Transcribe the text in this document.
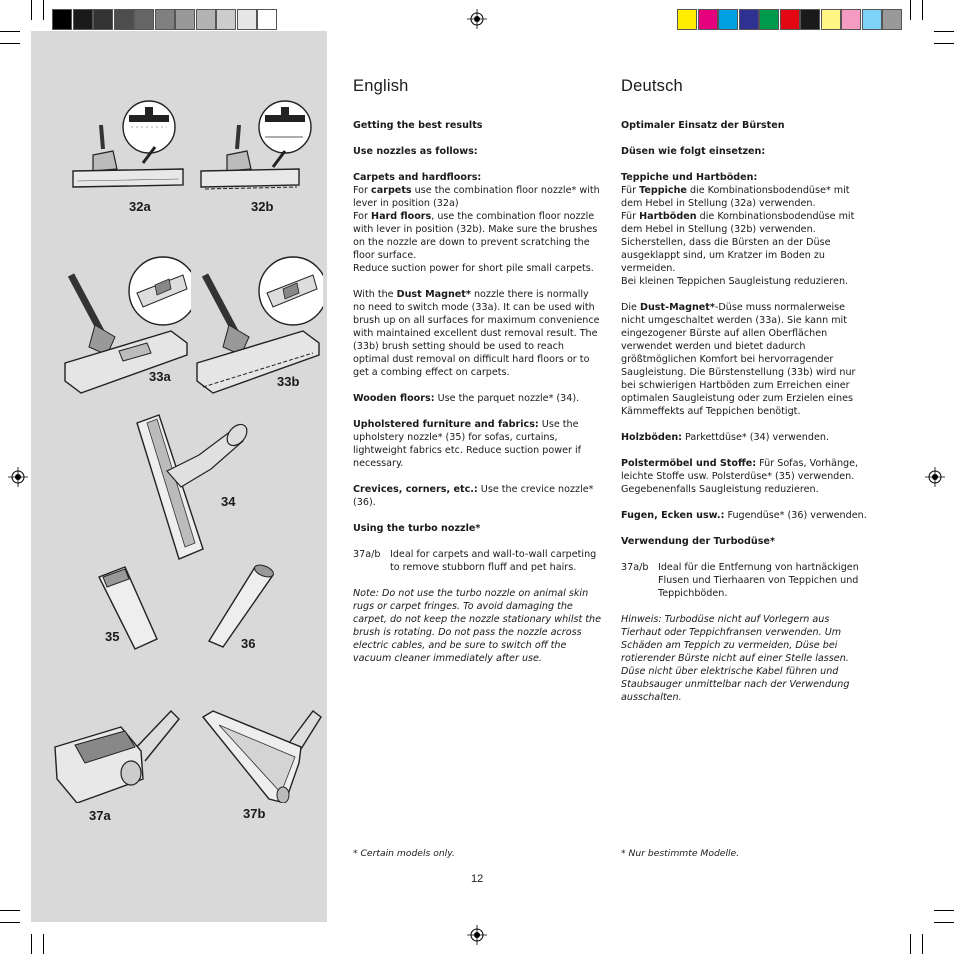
32a	32b
33a	33b
34
35	36
37a	37b
English

Getting the best results

Use nozzles as follows:

Carpets and hardfloors:
For carpets use the combination floor nozzle* with lever in position (32a)
For Hard floors, use the combination floor nozzle with lever in position (32b). Make sure the brushes on the nozzle are down to prevent scratching the floor surface.
Reduce suction power for short pile small carpets.

With the Dust Magnet* nozzle there is normally no need to switch mode (33a). It can be used with brush up on all surfaces for maximum convenience with maintained excellent dust removal result. The (33b) brush setting should be used to reach optimal dust removal on difficult hard floors or to get a combing effect on carpets.

Wooden floors: Use the parquet nozzle* (34).

Upholstered furniture and fabrics: Use the upholstery nozzle* (35) for sofas, curtains, lightweight fabrics etc. Reduce suction power if necessary.

Crevices, corners, etc.: Use the crevice nozzle* (36).

Using the turbo nozzle*

37a/b Ideal for carpets and wall-to-wall carpeting to remove stubborn fluff and pet hairs.

Note: Do not use the turbo nozzle on animal skin rugs or carpet fringes. To avoid damaging the carpet, do not keep the nozzle stationary whilst the brush is rotating. Do not pass the nozzle across electric cables, and be sure to switch off the vacuum cleaner immediately after use.

* Certain models only.
Deutsch

Optimaler Einsatz der Bürsten

Düsen wie folgt einsetzen:

Teppiche und Hartböden:
Für Teppiche die Kombinationsbodendüse* mit dem Hebel in Stellung (32a) verwenden.
Für Hartböden die Kombinationsbodendüse mit dem Hebel in Stellung (32b) verwenden. Sicherstellen, dass die Bürsten an der Düse ausgeklappt sind, um Kratzer im Boden zu vermeiden.
Bei kleinen Teppichen Saugleistung reduzieren.

Die Dust-Magnet*-Düse muss normalerweise nicht umgeschaltet werden (33a). Sie kann mit eingezogener Bürste auf allen Oberflächen verwendet werden und bietet dadurch größtmöglichen Komfort bei hervorragender Saugleistung. Die Bürstenstellung (33b) wird nur bei schwierigen Hartböden zum Erreichen einer optimalen Saugleistung oder zum Erzielen eines Kämmeffekts auf Teppichen benötigt.

Holzböden: Parkettdüse* (34) verwenden.

Polstermöbel und Stoffe: Für Sofas, Vorhänge, leichte Stoffe usw. Polsterdüse* (35) verwenden. Gegebenenfalls Saugleistung reduzieren.

Fugen, Ecken usw.: Fugendüse* (36) verwenden.

Verwendung der Turbodüse*

37a/b Ideal für die Entfernung von hartnäckigen Flusen und Tierhaaren von Teppichen und Teppichböden.

Hinweis: Turbodüse nicht auf Vorlegern aus Tierhaut oder Teppichfransen verwenden. Um Schäden am Teppich zu vermeiden, Düse bei rotierender Bürste nicht auf einer Stelle lassen. Düse nicht über elektrische Kabel führen und Staubsauger unmittelbar nach der Verwendung ausschalten.

* Nur bestimmte Modelle.
12
